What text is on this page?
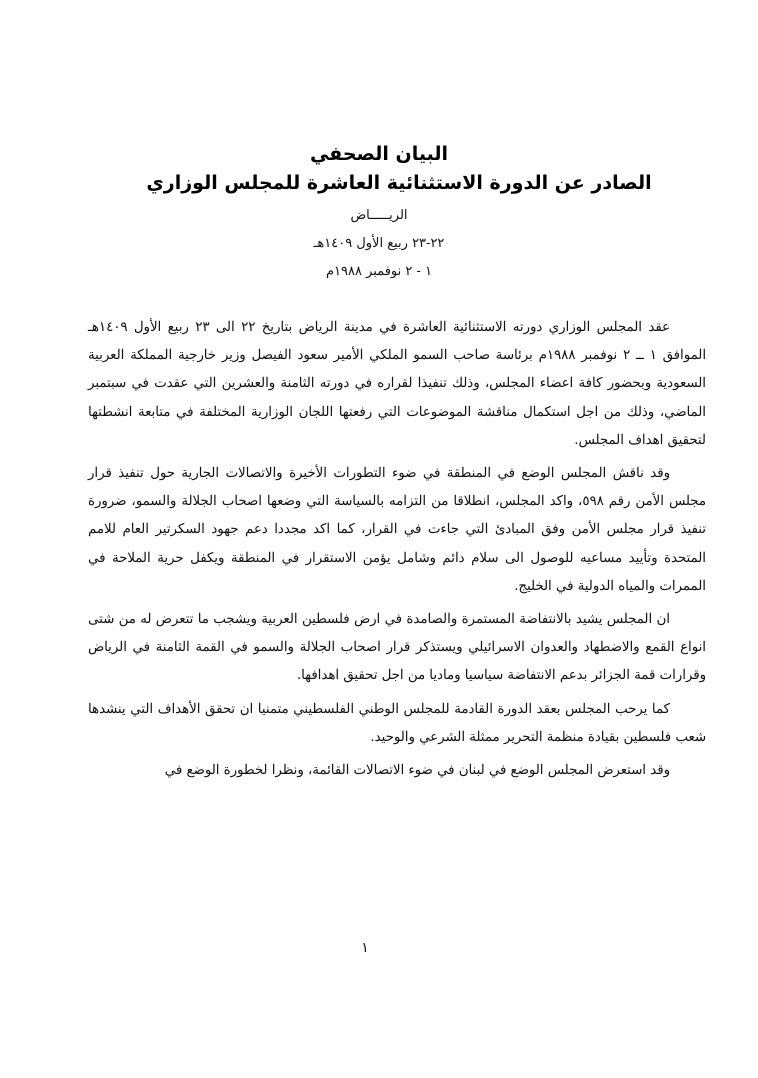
البيان الصحفي

الصادر عن الدورة الاستثنائية العاشرة للمجلس الوزاري

الريـــــاض

٢٢-٢٣ ربيع الأول ١٤٠٩هـ

١ - ٢ نوفمبر ١٩٨٨م

عقد المجلس الوزاري دورته الاستثنائية العاشرة في مدينة الرياض بتاريخ ٢٢ الى ٢٣ ربيع الأول ١٤٠٩هـ الموافق ١ ــ ٢ نوفمبر ١٩٨٨م برئاسة صاحب السمو الملكي الأمير سعود الفيصل وزير خارجية المملكة العربية السعودية وبحضور كافة اعضاء المجلس، وذلك تنفيذا لقراره في دورته الثامنة والعشرين التي عقدت في سبتمبر الماضي، وذلك من اجل استكمال مناقشة الموضوعات التي رفعتها اللجان الوزارية المختلفة في متابعة انشطتها لتحقيق اهداف المجلس.

وقد ناقش المجلس الوضع في المنطقة في ضوء التطورات الأخيرة والاتصالات الجارية حول تنفيذ قرار مجلس الأمن رقم ٥٩٨، واكد المجلس، انطلاقا من التزامه بالسياسة التي وضعها اصحاب الجلالة والسمو، ضرورة تنفيذ قرار مجلس الأمن وفق المبادئ التي جاءت في القرار، كما اكد مجددا دعم جهود السكرتير العام للامم المتحدة وتأييد مساعيه للوصول الى سلام دائم وشامل يؤمن الاستقرار في المنطقة ويكفل حرية الملاحة في الممرات والمياه الدولية في الخليج.

ان المجلس يشيد بالانتفاضة المستمرة والصامدة في ارض فلسطين العربية ويشجب ما تتعرض له من شتى انواع القمع والاضطهاد والعدوان الاسرائيلي ويستذكر قرار اصحاب الجلالة والسمو في القمة الثامنة في الرياض وقرارات قمة الجزائر بدعم الانتفاضة سياسيا وماديا من اجل تحقيق اهدافها.

كما يرحب المجلس بعقد الدورة القادمة للمجلس الوطني الفلسطيني متمنيا ان تحقق الأهداف التي ينشدها شعب فلسطين بقيادة منظمة التحرير ممثلة الشرعي والوحيد.

وقد استعرض المجلس الوضع في لبنان في ضوء الاتصالات القائمة، ونظرا لخطورة الوضع في

١
